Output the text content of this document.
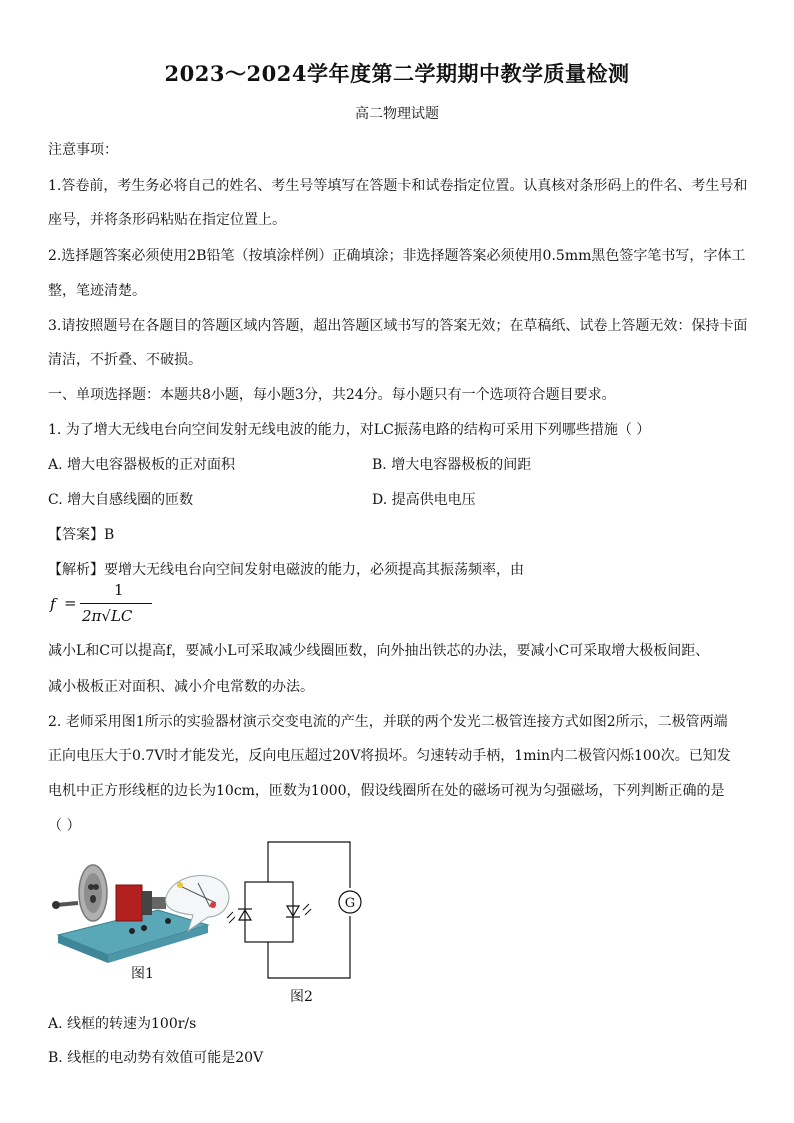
2023～2024学年度第二学期期中教学质量检测
高二物理试题
注意事项：
1.答卷前，考生务必将自己的姓名、考生号等填写在答题卡和试卷指定位置。认真核对条形码上的件名、考生号和
座号，并将条形码粘贴在指定位置上。
2.选择题答案必须使用2B铅笔（按填涂样例）正确填涂；非选择题答案必须使用0.5mm黑色签字笔书写，字体工
整，笔迹清楚。
3.请按照题号在各题目的答题区域内答题，超出答题区域书写的答案无效；在草稿纸、试卷上答题无效：保持卡面
清洁，不折叠、不破损。
一、单项选择题：本题共8小题，每小题3分，共24分。每小题只有一个选项符合题目要求。
1. 为了增大无线电台向空间发射无线电波的能力，对LC振荡电路的结构可采用下列哪些措施（ ）
A. 增大电容器极板的正对面积	B. 增大电容器极板的间距
C. 增大自感线圈的匝数	D. 提高供电电压
【答案】B
【解析】要增大无线电台向空间发射电磁波的能力，必须提高其振荡频率，由
f =
1
2π√LC
减小L和C可以提高f，要减小L可采取减少线圈匝数，向外抽出铁芯的办法，要减小C可采取增大极板间距、
减小极板正对面积、减小介电常数的办法。
2. 老师采用图1所示的实验器材演示交变电流的产生，并联的两个发光二极管连接方式如图2所示，二极管两端
正向电压大于0.7V时才能发光，反向电压超过20V将损坏。匀速转动手柄，1min内二极管闪烁100次。已知发
电机中正方形线框的边长为10cm，匝数为1000，假设线圈所在处的磁场可视为匀强磁场，下列判断正确的是
（ ）
图1
G
图2
A. 线框的转速为100r/s
B. 线框的电动势有效值可能是20V
